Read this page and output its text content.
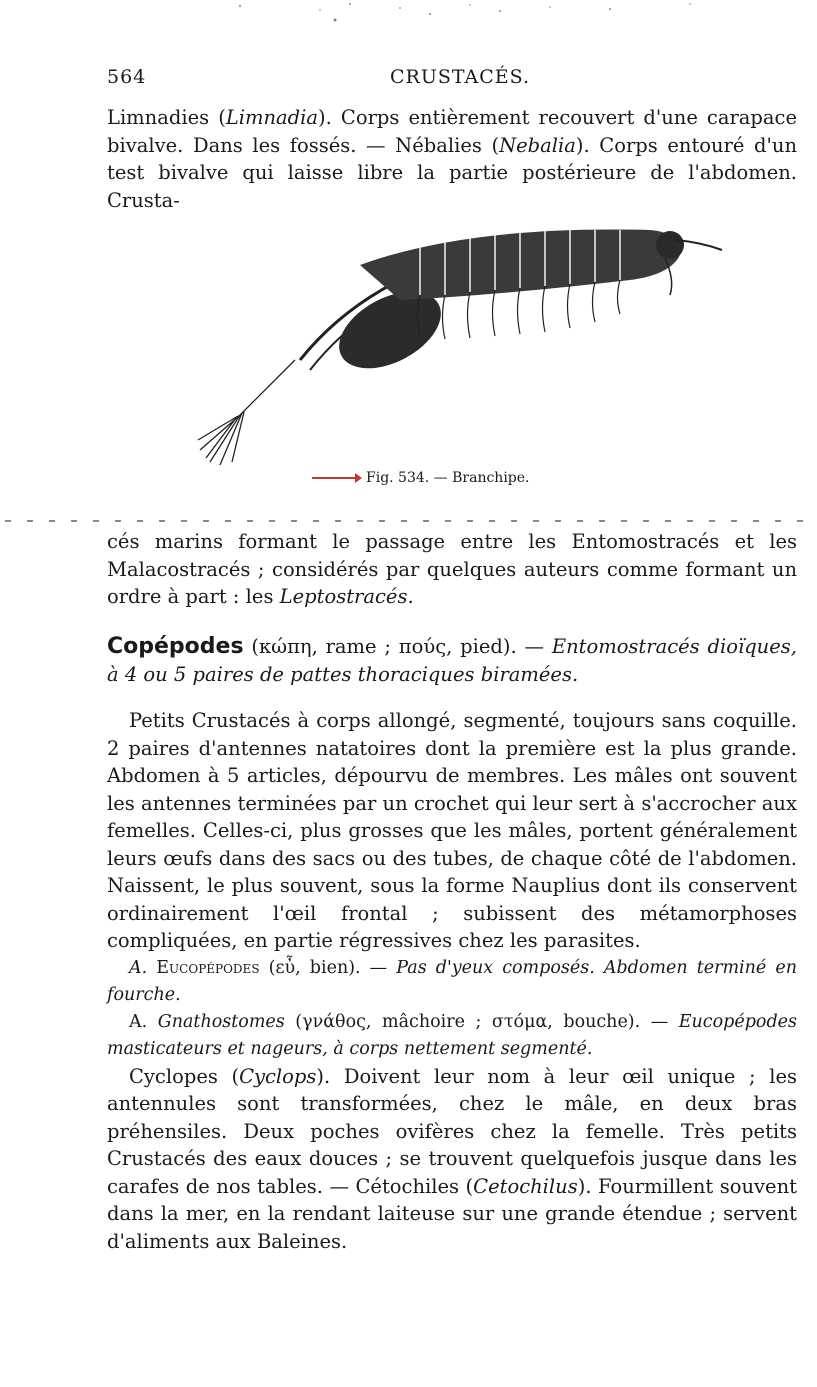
564	CRUSTACÉS.

Limnadies (Limnadia). Corps entièrement recouvert d'une carapace bivalve. Dans les fossés. — Nébalies (Nebalia). Corps entouré d'un test bivalve qui laisse libre la partie postérieure de l'abdomen. Crusta-

Fig. 534. — Branchipe.

cés marins formant le passage entre les Entomostracés et les Malacostracés ; considérés par quelques auteurs comme formant un ordre à part : les Leptostracés.

Copépodes (κώπη, rame ; πούς, pied). — Entomostracés dioïques, à 4 ou 5 paires de pattes thoraciques biramées.

Petits Crustacés à corps allongé, segmenté, toujours sans coquille. 2 paires d'antennes natatoires dont la première est la plus grande. Abdomen à 5 articles, dépourvu de membres. Les mâles ont souvent les antennes terminées par un crochet qui leur sert à s'accrocher aux femelles. Celles-ci, plus grosses que les mâles, portent généralement leurs œufs dans des sacs ou des tubes, de chaque côté de l'abdomen. Naissent, le plus souvent, sous la forme Nauplius dont ils conservent ordinairement l'œil frontal ; subissent des métamorphoses compliquées, en partie régressives chez les parasites.

A. Eucopépodes (εὖ, bien). — Pas d'yeux composés. Abdomen terminé en fourche.

A. Gnathostomes (γνάθος, mâchoire ; στόμα, bouche). — Eucopépodes masticateurs et nageurs, à corps nettement segmenté.

Cyclopes (Cyclops). Doivent leur nom à leur œil unique ; les antennules sont transformées, chez le mâle, en deux bras préhensiles. Deux poches ovifères chez la femelle. Très petits Crustacés des eaux douces ; se trouvent quelquefois jusque dans les carafes de nos tables. — Cétochiles (Cetochilus). Fourmillent souvent dans la mer, en la rendant laiteuse sur une grande étendue ; servent d'aliments aux Baleines.
